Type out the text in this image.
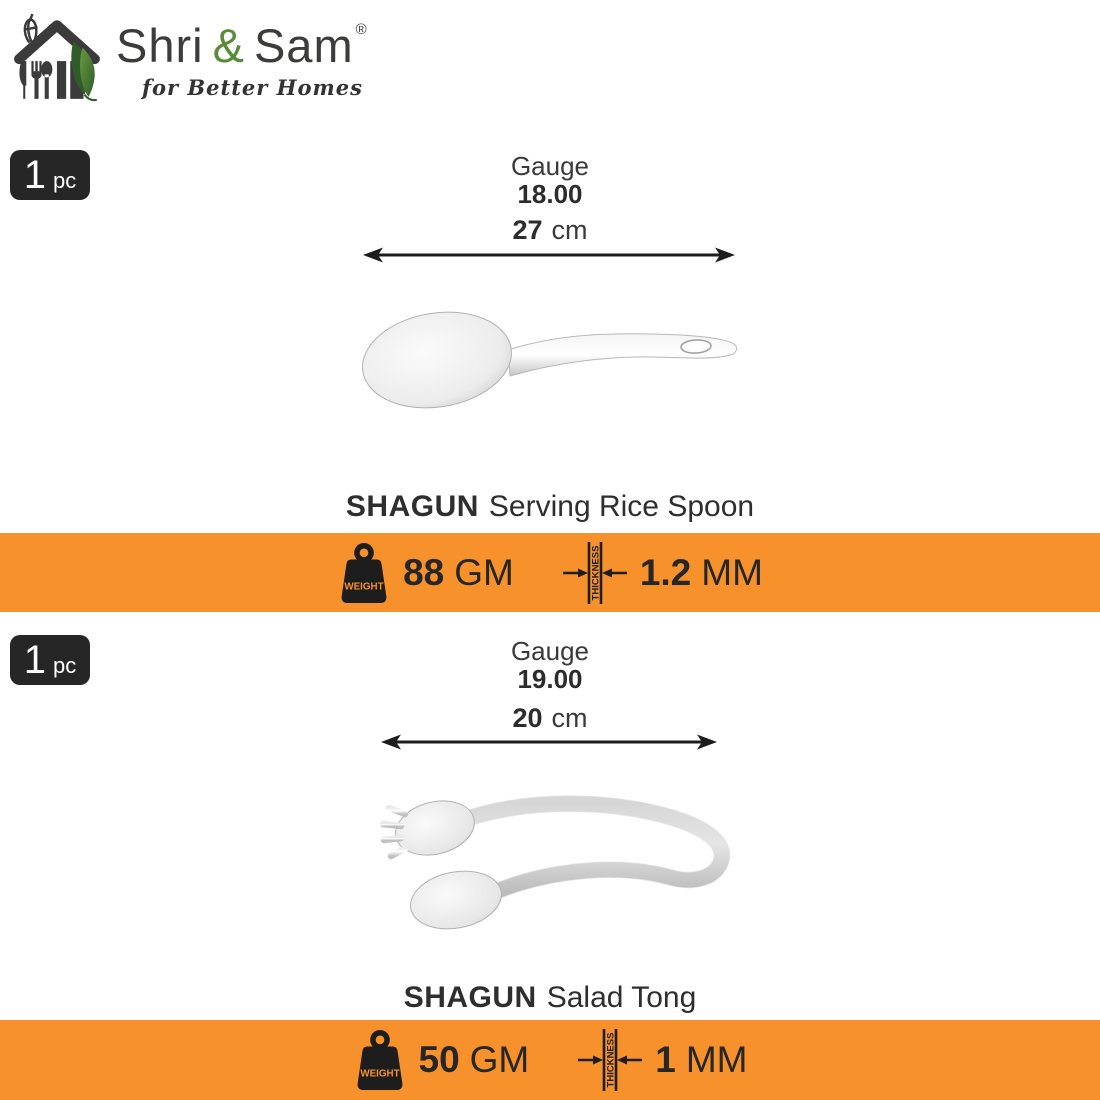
Shri & Sam ®
for Better Homes
1 pc	Gauge
18.00
27 cm
SHAGUN Serving Rice Spoon
WEIGHT 88 GM	THICKNESS 1.2 MM
1 pc	Gauge
19.00
20 cm
SHAGUN Salad Tong
WEIGHT 50 GM	THICKNESS 1 MM
